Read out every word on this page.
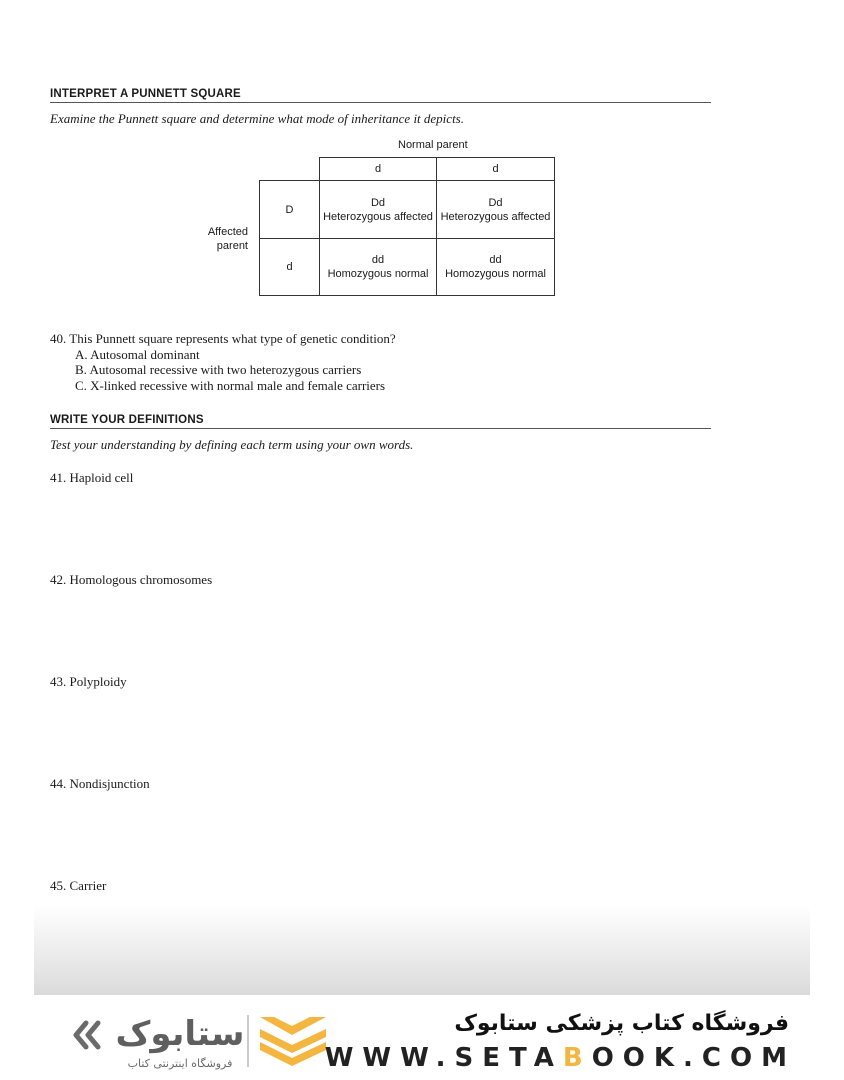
INTERPRET A PUNNETT SQUARE
Examine the Punnett square and determine what mode of inheritance it depicts.
Normal parent
Affected
parent
d	d
D
d
Dd
Heterozygous affected
Dd
Heterozygous affected
dd
Homozygous normal
dd
Homozygous normal
40. This Punnett square represents what type of genetic condition?
A. Autosomal dominant
B. Autosomal recessive with two heterozygous carriers
C. X-linked recessive with normal male and female carriers
WRITE YOUR DEFINITIONS
Test your understanding by defining each term using your own words.
41. Haploid cell
42. Homologous chromosomes
43. Polyploidy
44. Nondisjunction
45. Carrier
ستابوک
فروشگاه اینترنتی کتاب
فروشگاه کتاب پزشکی ستابوک
WWW.SETABOOK.COM
